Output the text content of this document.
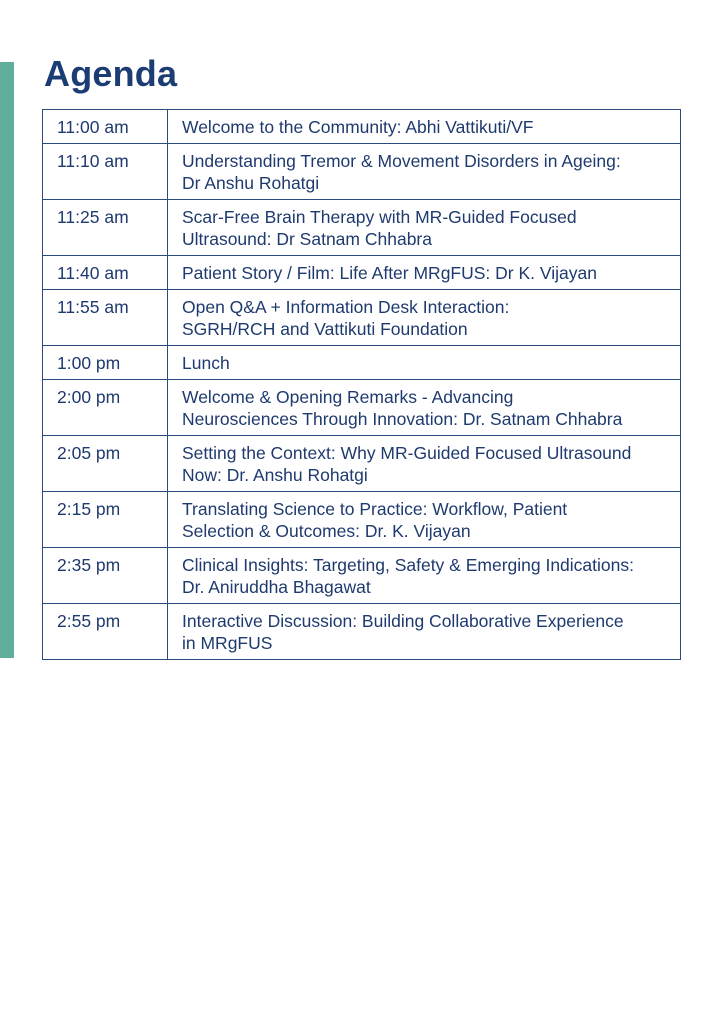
Agenda
11:00 am	Welcome to the Community: Abhi Vattikuti/VF

11:10 am	Understanding Tremor & Movement Disorders in Ageing:
Dr Anshu Rohatgi

11:25 am	Scar-Free Brain Therapy with MR-Guided Focused
Ultrasound: Dr Satnam Chhabra

11:40 am	Patient Story / Film: Life After MRgFUS: Dr K. Vijayan

11:55 am	Open Q&A + Information Desk Interaction:
SGRH/RCH and Vattikuti Foundation

1:00 pm	Lunch

2:00 pm	Welcome & Opening Remarks - Advancing
Neurosciences Through Innovation: Dr. Satnam Chhabra

2:05 pm	Setting the Context: Why MR-Guided Focused Ultrasound
Now: Dr. Anshu Rohatgi

2:15 pm	Translating Science to Practice: Workflow, Patient
Selection & Outcomes: Dr. K. Vijayan

2:35 pm	Clinical Insights: Targeting, Safety & Emerging Indications:
Dr. Aniruddha Bhagawat

2:55 pm	Interactive Discussion: Building Collaborative Experience
in MRgFUS
